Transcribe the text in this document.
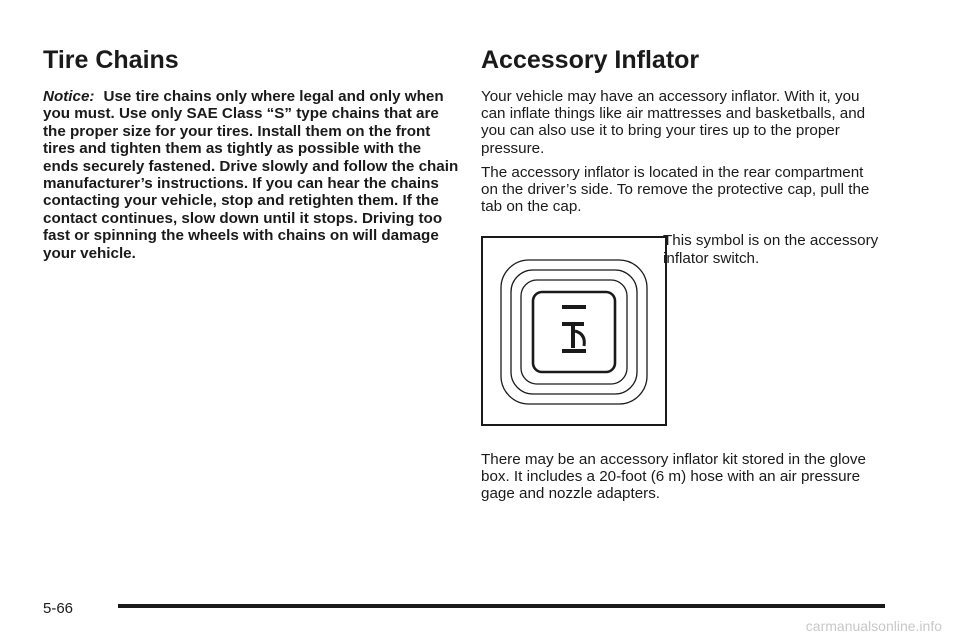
Tire Chains

Notice: Use tire chains only where legal and only when you must. Use only SAE Class “S” type chains that are the proper size for your tires. Install them on the front tires and tighten them as tightly as possible with the ends securely fastened. Drive slowly and follow the chain manufacturer’s instructions. If you can hear the chains contacting your vehicle, stop and retighten them. If the contact continues, slow down until it stops. Driving too fast or spinning the wheels with chains on will damage your vehicle.

Accessory Inflator

Your vehicle may have an accessory inflator. With it, you can inflate things like air mattresses and basketballs, and you can also use it to bring your tires up to the proper pressure.

The accessory inflator is located in the rear compartment on the driver’s side. To remove the protective cap, pull the tab on the cap.

This symbol is on the accessory inflator switch.

There may be an accessory inflator kit stored in the glove box. It includes a 20-foot (6 m) hose with an air pressure gage and nozzle adapters.

5-66
carmanualsonline.info
